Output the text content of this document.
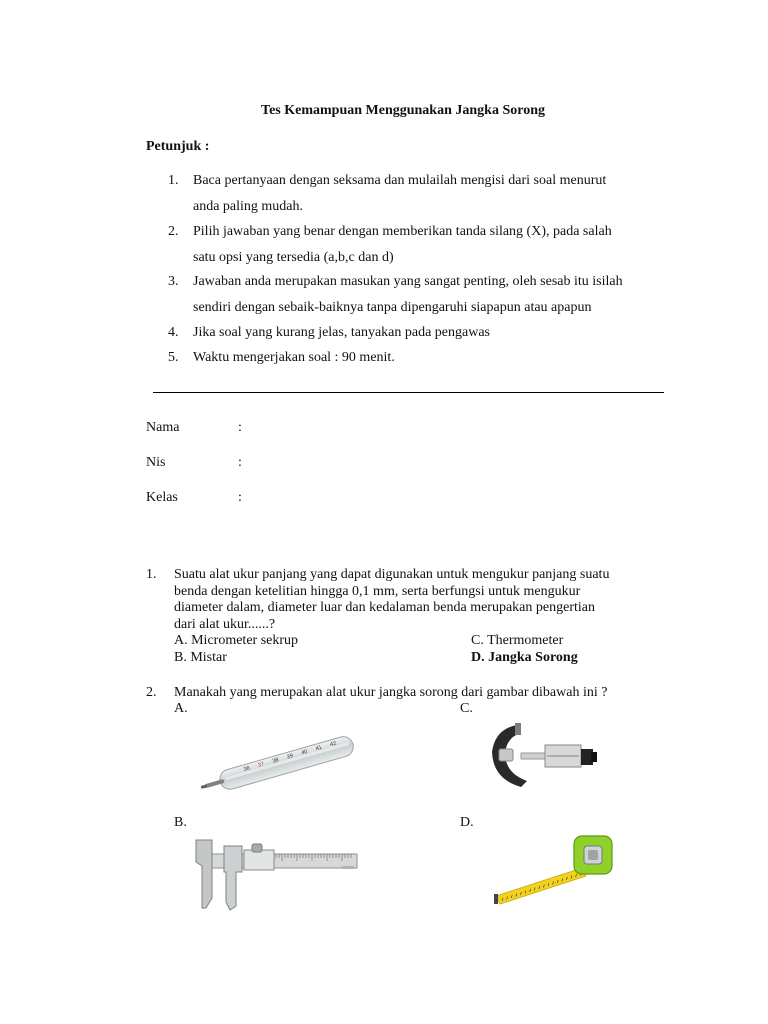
Tes Kemampuan Menggunakan Jangka Sorong
Petunjuk :
1.	Baca pertanyaan dengan seksama dan mulailah mengisi dari soal menurut
anda paling mudah.
2.	Pilih jawaban yang benar dengan memberikan tanda silang (X), pada salah
satu opsi yang tersedia (a,b,c dan d)
3.	Jawaban anda merupakan masukan yang sangat penting, oleh sesab itu isilah
sendiri dengan sebaik-baiknya tanpa dipengaruhi siapapun atau apapun
4.	Jika soal yang kurang jelas, tanyakan pada pengawas
5.	Waktu mengerjakan soal : 90 menit.
Nama	:
Nis	:
Kelas	:
1. Suatu alat ukur panjang yang dapat digunakan untuk mengukur panjang suatu
benda dengan ketelitian hingga 0,1 mm, serta berfungsi untuk mengukur
diameter dalam, diameter luar dan kedalaman benda merupakan pengertian
dari alat ukur......?
A. Micrometer sekrup
B. Mistar
C. Thermometer
D. Jangka Sorong
2. Manakah yang merupakan alat ukur jangka sorong dari gambar dibawah ini ?
A.	C.
B.	D.
36
37
38
39
40
41
42
